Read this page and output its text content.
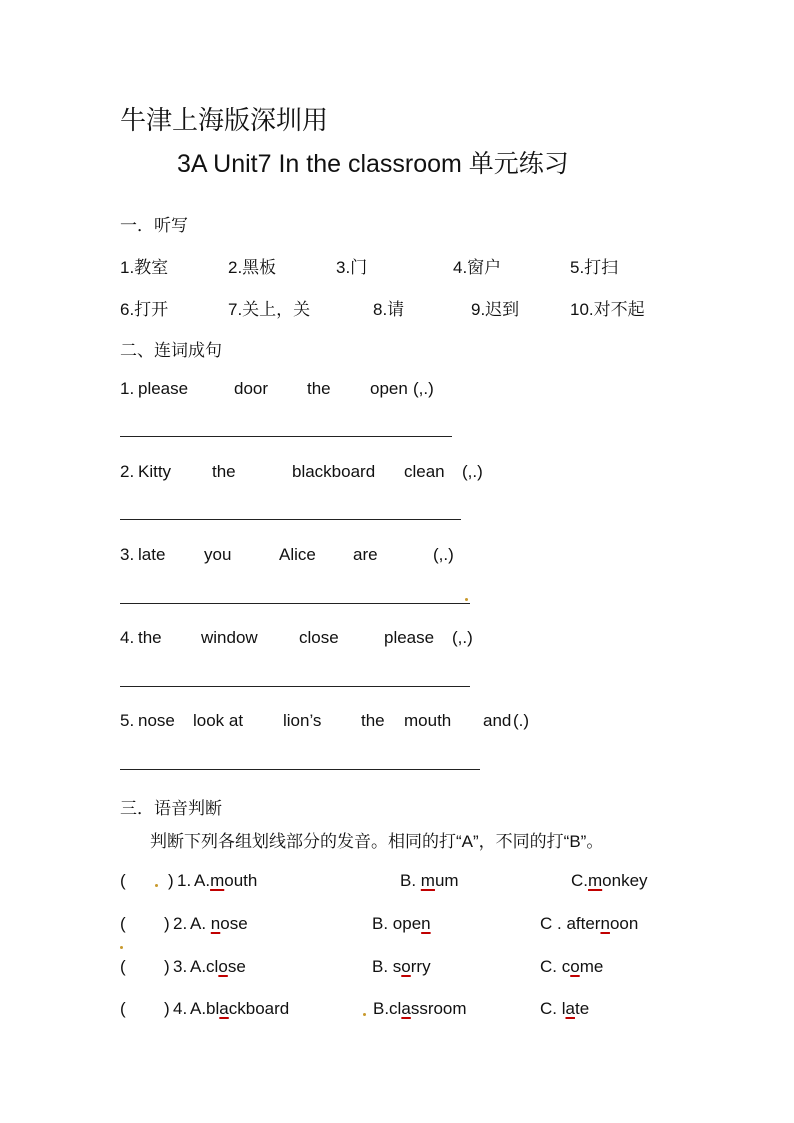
牛津上海版深圳用
3A Unit7 In the classroom 单元练习
一．听写
1.教室	2.黑板	3.门	4.窗户	5.打扫
6.打开	7.关上，关	8.请	9.迟到	10.对不起
二、连词成句
1. please	door the open (,.)
2. Kitty the	blackboard clean (,.)
3. late you	Alice are	(,.)
4. the window close	please (,.)
5. nose look at lion’s the mouth and (.)
三．语音判断
判断下列各组划线部分的发音。相同的打“A”，不同的打“B”。
( ) 1. A.mouth	B. mum	C.monkey
( ) 2. A. nose	B. open	C . afternoon
( ) 3. A.close	B. sorry	C. come
( ) 4. A.blackboard	B.classroom	C. late
